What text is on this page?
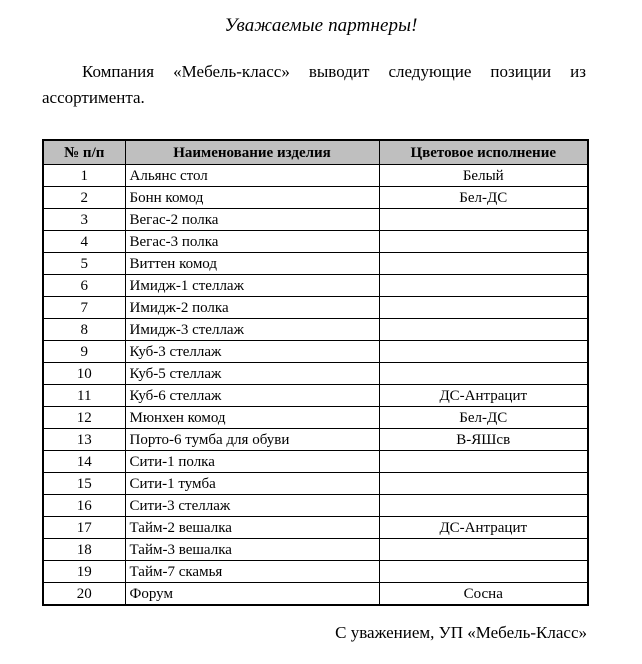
Уважаемые партнеры!

Компания «Мебель-класс» выводит следующие позиции из ассортимента.

№ п/п	Наименование изделия	Цветовое исполнение
1	Альянс стол	Белый
2	Бонн комод	Бел-ДС
3	Вегас-2 полка	
4	Вегас-3 полка	
5	Виттен комод	
6	Имидж-1 стеллаж	
7	Имидж-2 полка	
8	Имидж-3 стеллаж	
9	Куб-3 стеллаж	
10	Куб-5 стеллаж	
11	Куб-6 стеллаж	ДС-Антрацит
12	Мюнхен комод	Бел-ДС
13	Порто-6 тумба для обуви	В-ЯШсв
14	Сити-1 полка	
15	Сити-1 тумба	
16	Сити-3 стеллаж	
17	Тайм-2 вешалка	ДС-Антрацит
18	Тайм-3 вешалка	
19	Тайм-7 скамья	
20	Форум	Сосна
С уважением, УП «Мебель-Класс»
